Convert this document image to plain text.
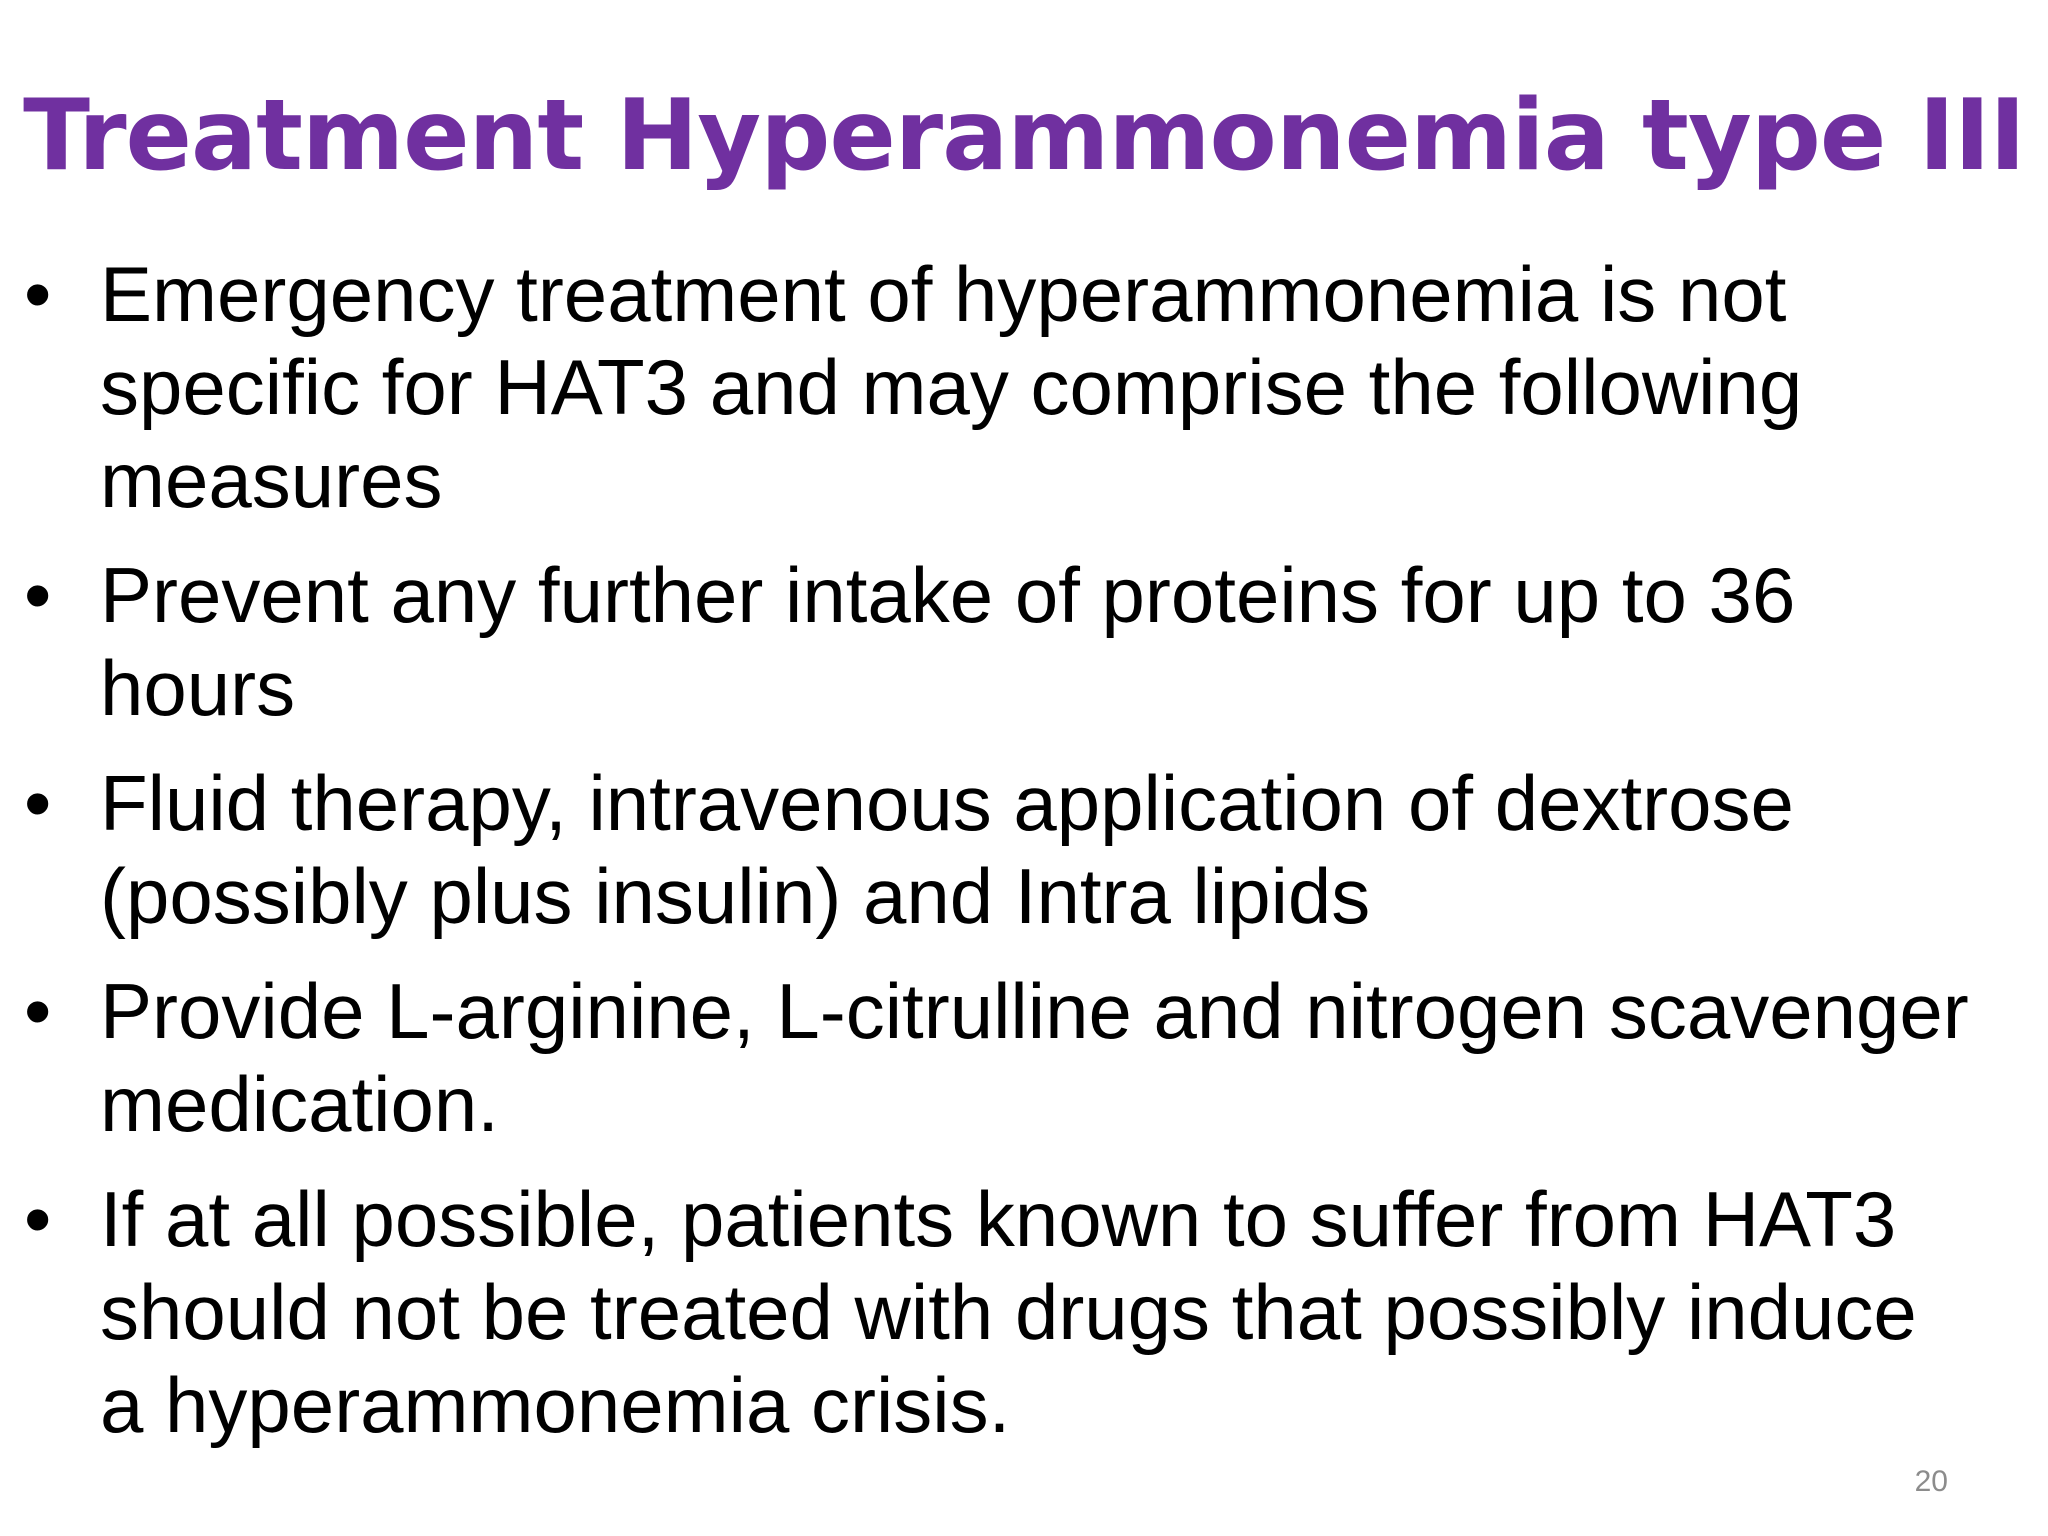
Treatment Hyperammonemia type III
• Emergency treatment of hyperammonemia is not
specific for HAT3 and may comprise the following
measures
• Prevent any further intake of proteins for up to 36
hours
• Fluid therapy, intravenous application of dextrose
(possibly plus insulin) and Intra lipids
• Provide L-arginine, L-citrulline and nitrogen scavenger
medication.
• If at all possible, patients known to suffer from HAT3
should not be treated with drugs that possibly induce
a hyperammonemia crisis.
20
